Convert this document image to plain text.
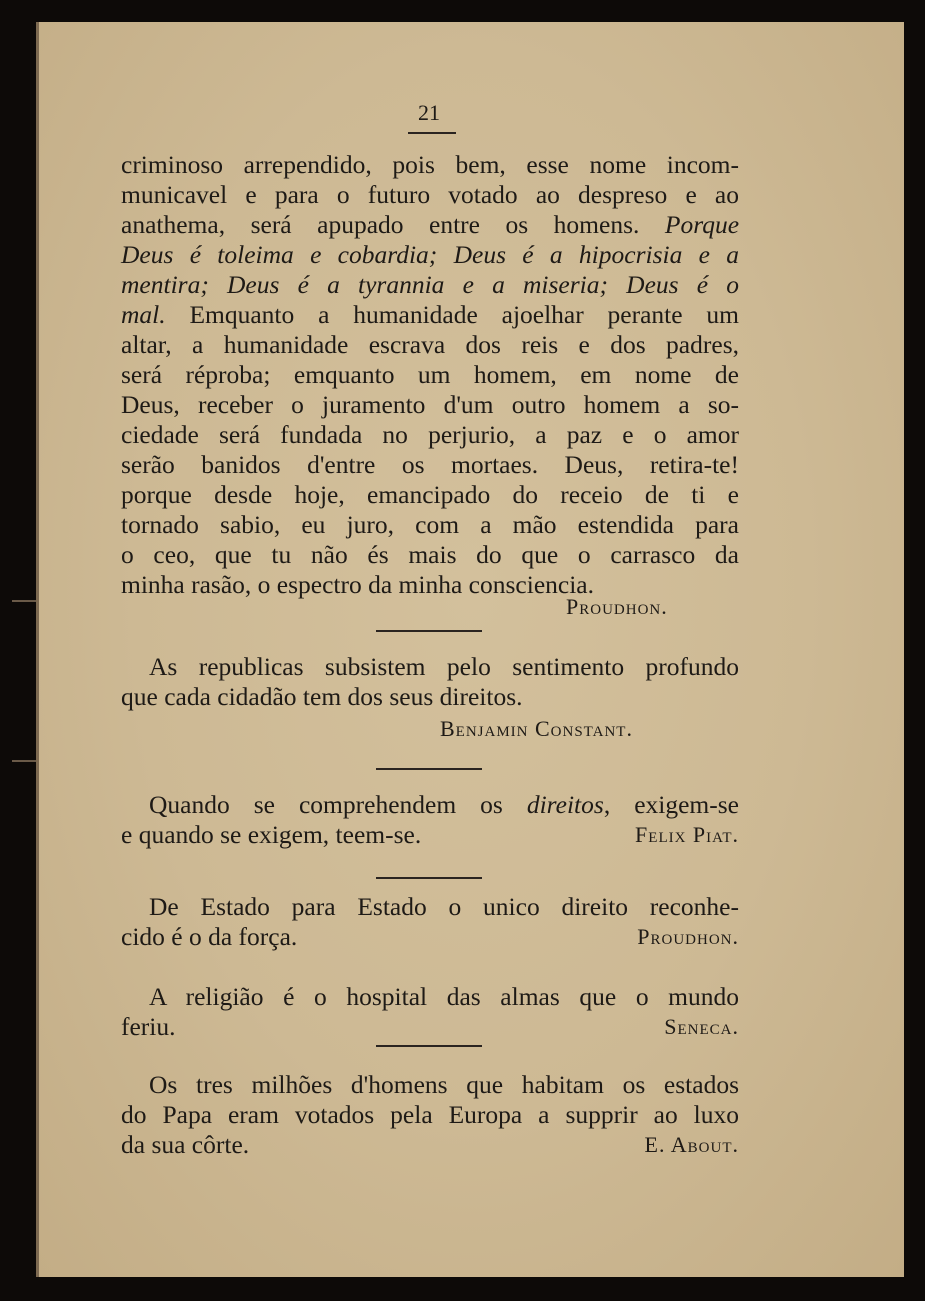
21
criminoso arrependido, pois bem, esse nome incom-
municavel e para o futuro votado ao despreso e ao
anathema, será apupado entre os homens. Porque
Deus é toleima e cobardia; Deus é a hipocrisia e a
mentira; Deus é a tyrannia e a miseria; Deus é o
mal. Emquanto a humanidade ajoelhar perante um
altar, a humanidade escrava dos reis e dos padres,
será réproba; emquanto um homem, em nome de
Deus, receber o juramento d'um outro homem a so-
ciedade será fundada no perjurio, a paz e o amor
serão banidos d'entre os mortaes. Deus, retira-te!
porque desde hoje, emancipado do receio de ti e
tornado sabio, eu juro, com a mão estendida para
o ceo, que tu não és mais do que o carrasco da
minha rasão, o espectro da minha consciencia.
Proudhon.
As republicas subsistem pelo sentimento profundo
que cada cidadão tem dos seus direitos.
Benjamin Constant.
Quando se comprehendem os direitos, exigem-se
e quando se exigem, teem-se.	Felix Piat.
De Estado para Estado o unico direito reconhe-
cido é o da força.	Proudhon.
A religião é o hospital das almas que o mundo
feriu.	Seneca.
Os tres milhões d'homens que habitam os estados
do Papa eram votados pela Europa a supprir ao luxo
da sua côrte.	E. About.
